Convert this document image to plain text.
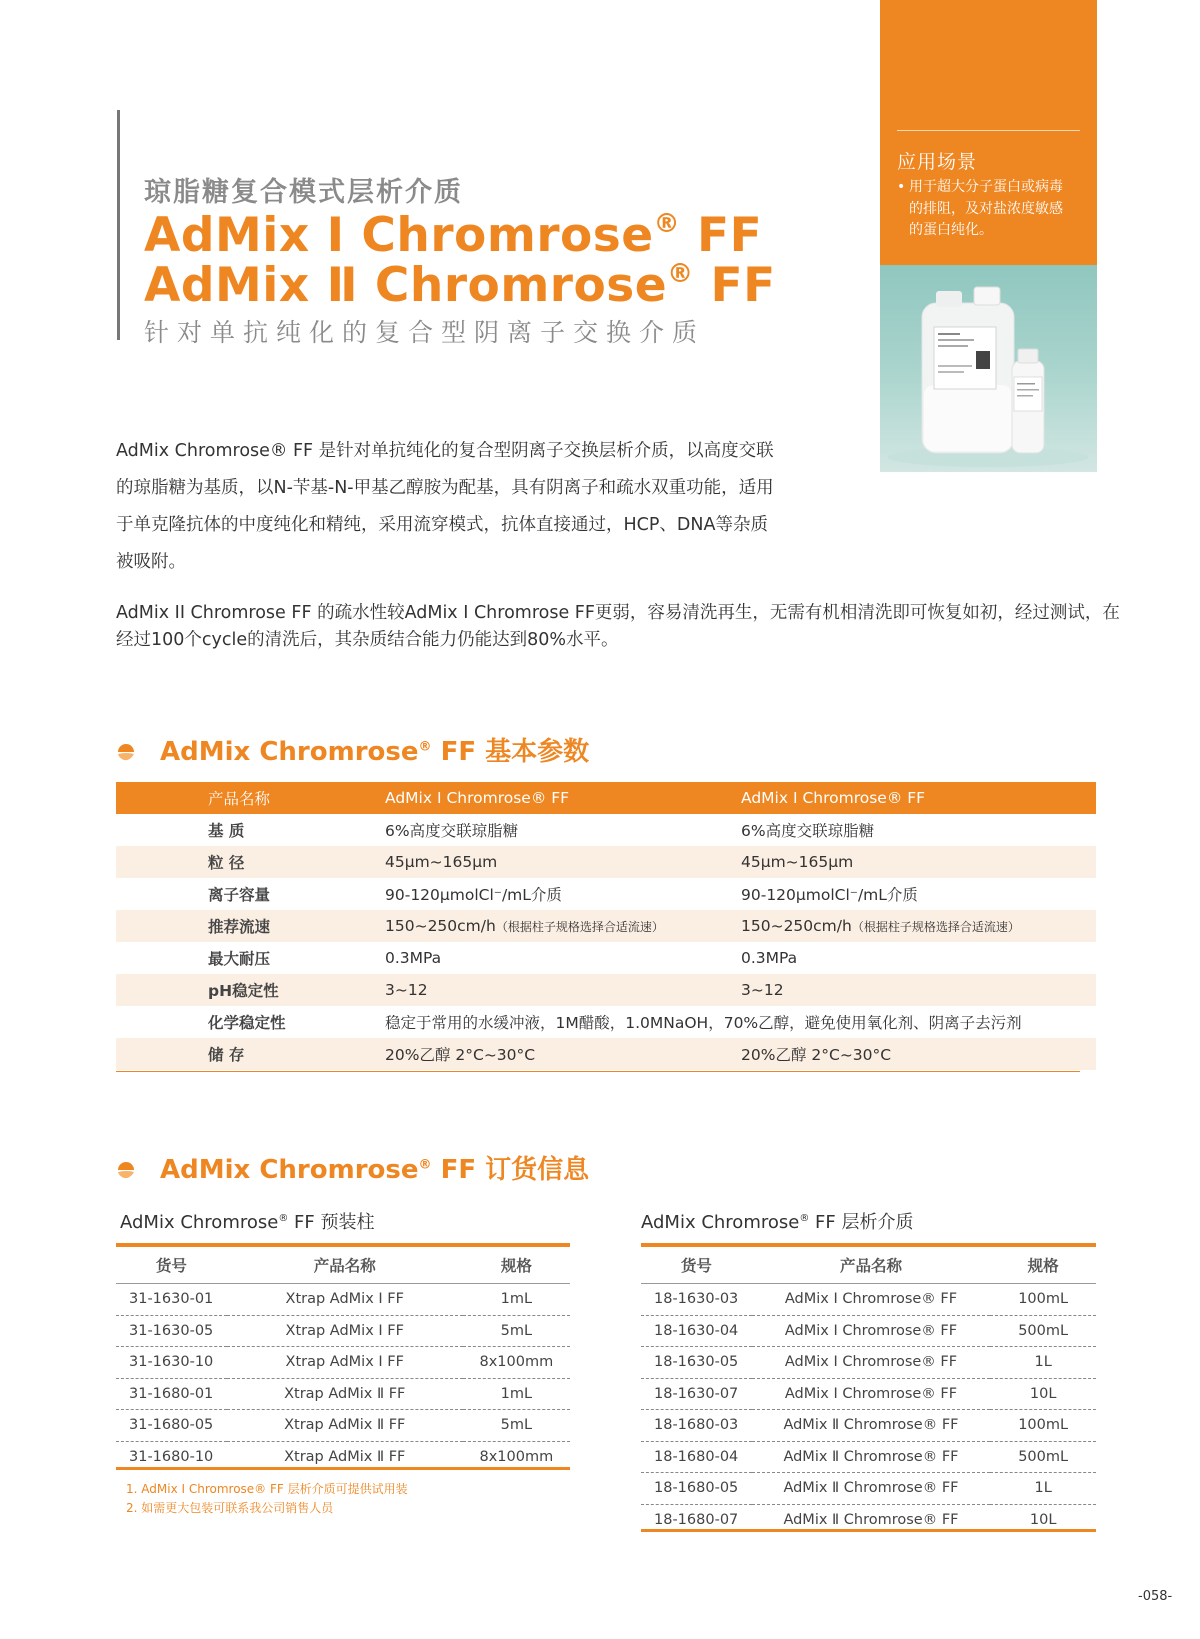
琼脂糖复合模式层析介质
AdMix Ⅰ Chromrose® FF
AdMix Ⅱ Chromrose® FF
针对单抗纯化的复合型阴离子交换介质
应用场景
• 用于超大分子蛋白或病毒
的排阻，及对盐浓度敏感
的蛋白纯化。
AdMix Chromrose® FF 是针对单抗纯化的复合型阴离子交换层析介质，以高度交联的琼脂糖为基质，以N-苄基-N-甲基乙醇胺为配基，具有阴离子和疏水双重功能，适用于单克隆抗体的中度纯化和精纯，采用流穿模式，抗体直接通过，HCP、DNA等杂质被吸附。
AdMix II Chromrose FF 的疏水性较AdMix Ⅰ Chromrose FF更弱，容易清洗再生，无需有机相清洗即可恢复如初，经过测试，在经过100个cycle的清洗后，其杂质结合能力仍能达到80%水平。
AdMix Chromrose® FF 基本参数
	产品名称	AdMix Ⅰ Chromrose® FF	AdMix Ⅰ Chromrose® FF
	基 质	6%高度交联琼脂糖	6%高度交联琼脂糖
	粒 径	45μm~165μm	45μm~165μm
	离子容量	90-120μmolCl⁻/mL介质	90-120μmolCl⁻/mL介质
	推荐流速	150~250cm/h（根据柱子规格选择合适流速）	150~250cm/h（根据柱子规格选择合适流速）
	最大耐压	0.3MPa	0.3MPa
	pH稳定性	3~12	3~12
	化学稳定性	稳定于常用的水缓冲液，1M醋酸，1.0MNaOH，70%乙醇，避免使用氧化剂、阴离子去污剂	
	储 存	20%乙醇 2°C~30°C	20%乙醇 2°C~30°C
AdMix Chromrose® FF 订货信息
AdMix Chromrose® FF 预装柱
货号	产品名称	规格
31-1630-01	Xtrap AdMix Ⅰ FF	1mL
31-1630-05	Xtrap AdMix Ⅰ FF	5mL
31-1630-10	Xtrap AdMix Ⅰ FF	8x100mm
31-1680-01	Xtrap AdMix Ⅱ FF	1mL
31-1680-05	Xtrap AdMix Ⅱ FF	5mL
31-1680-10	Xtrap AdMix Ⅱ FF	8x100mm
1. AdMix Ⅰ Chromrose® FF 层析介质可提供试用装
2. 如需更大包装可联系我公司销售人员
AdMix Chromrose® FF 层析介质
货号	产品名称	规格
18-1630-03	AdMix Ⅰ Chromrose® FF	100mL
18-1630-04	AdMix Ⅰ Chromrose® FF	500mL
18-1630-05	AdMix Ⅰ Chromrose® FF	1L
18-1630-07	AdMix Ⅰ Chromrose® FF	10L
18-1680-03	AdMix Ⅱ Chromrose® FF	100mL
18-1680-04	AdMix Ⅱ Chromrose® FF	500mL
18-1680-05	AdMix Ⅱ Chromrose® FF	1L
18-1680-07	AdMix Ⅱ Chromrose® FF	10L
-058-
